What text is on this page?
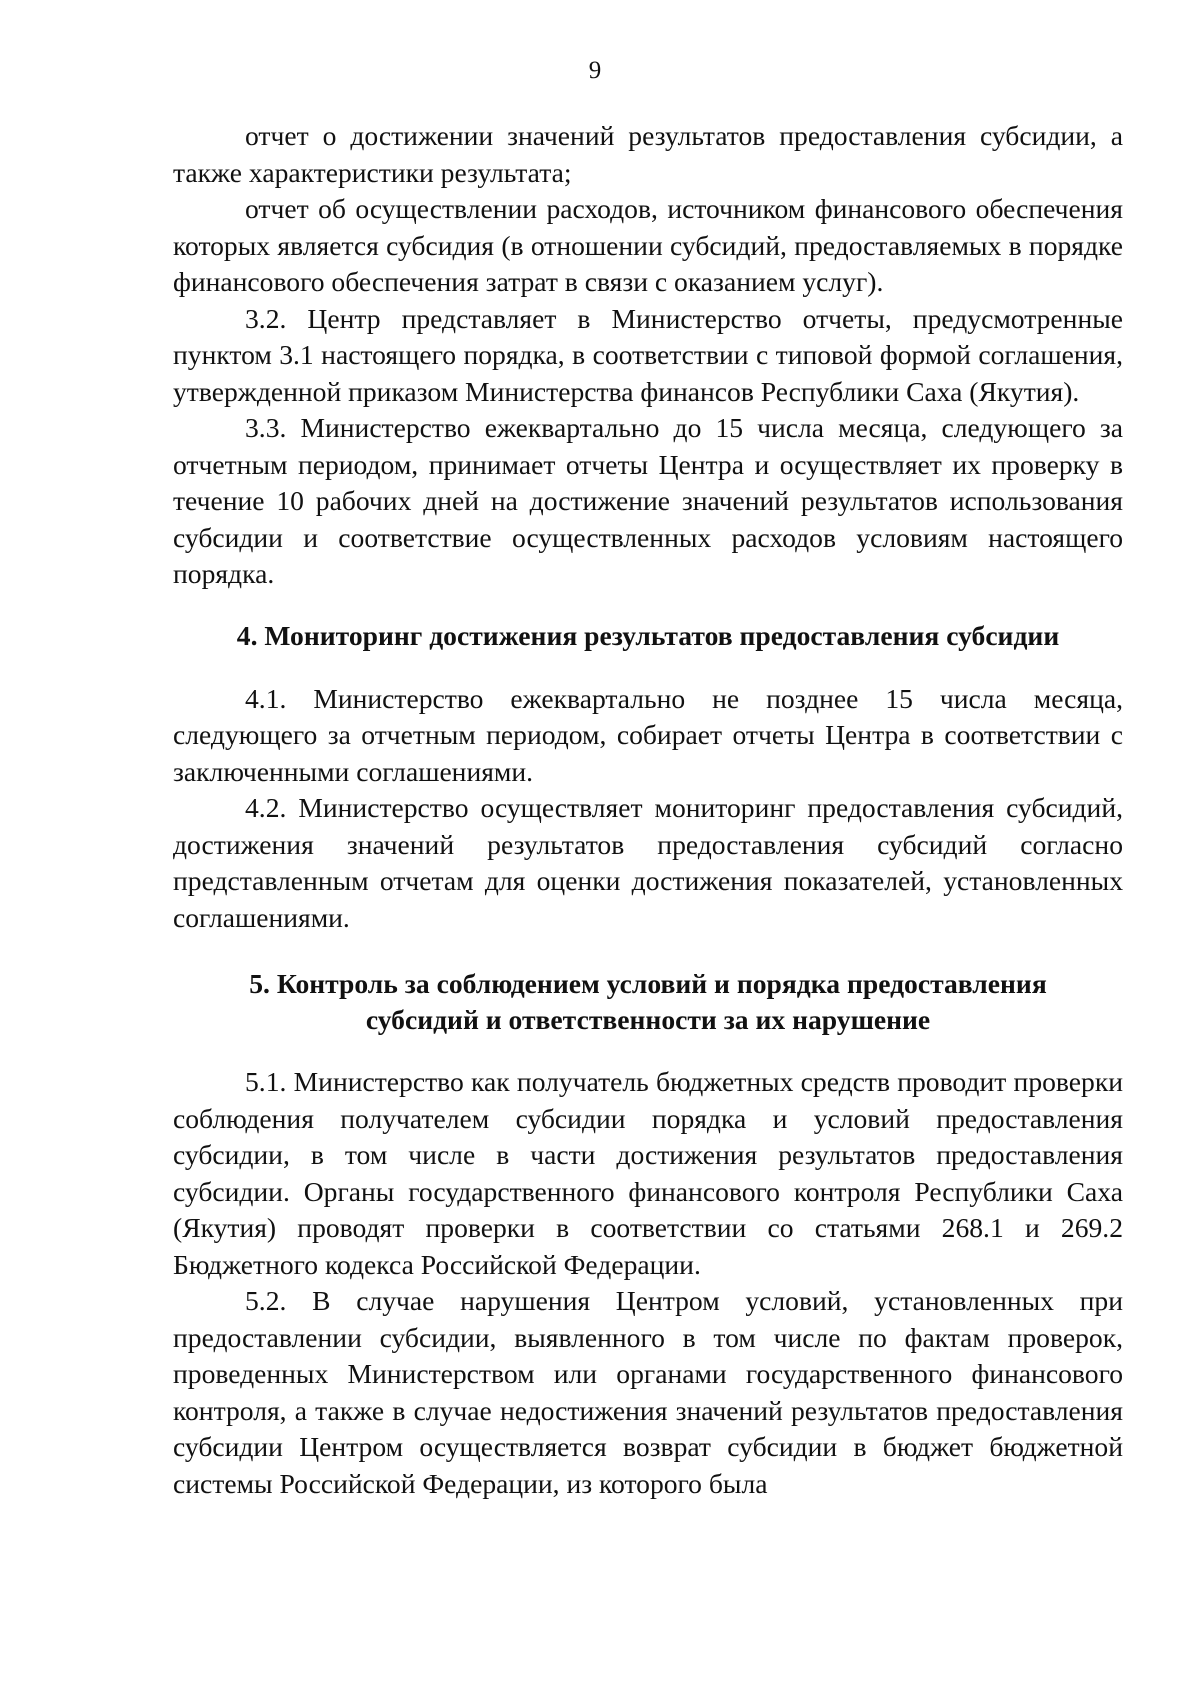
9

отчет о достижении значений результатов предоставления субсидии, а также характеристики результата;

отчет об осуществлении расходов, источником финансового обеспечения которых является субсидия (в отношении субсидий, предоставляемых в порядке финансового обеспечения затрат в связи с оказанием услуг).

3.2. Центр представляет в Министерство отчеты, предусмотренные пунктом 3.1 настоящего порядка, в соответствии с типовой формой соглашения, утвержденной приказом Министерства финансов Республики Саха (Якутия).

3.3. Министерство ежеквартально до 15 числа месяца, следующего за отчетным периодом, принимает отчеты Центра и осуществляет их проверку в течение 10 рабочих дней на достижение значений результатов использования субсидии и соответствие осуществленных расходов условиям настоящего порядка.

4. Мониторинг достижения результатов предоставления субсидии

4.1. Министерство ежеквартально не позднее 15 числа месяца, следующего за отчетным периодом, собирает отчеты Центра в соответствии с заключенными соглашениями.

4.2. Министерство осуществляет мониторинг предоставления субсидий, достижения значений результатов предоставления субсидий согласно представленным отчетам для оценки достижения показателей, установленных соглашениями.

5. Контроль за соблюдением условий и порядка предоставления
субсидий и ответственности за их нарушение

5.1. Министерство как получатель бюджетных средств проводит проверки соблюдения получателем субсидии порядка и условий предоставления субсидии, в том числе в части достижения результатов предоставления субсидии. Органы государственного финансового контроля Республики Саха (Якутия) проводят проверки в соответствии со статьями 268.1 и 269.2 Бюджетного кодекса Российской Федерации.

5.2. В случае нарушения Центром условий, установленных при предоставлении субсидии, выявленного в том числе по фактам проверок, проведенных Министерством или органами государственного финансового контроля, а также в случае недостижения значений результатов предоставления субсидии Центром осуществляется возврат субсидии в бюджет бюджетной системы Российской Федерации, из которого была
